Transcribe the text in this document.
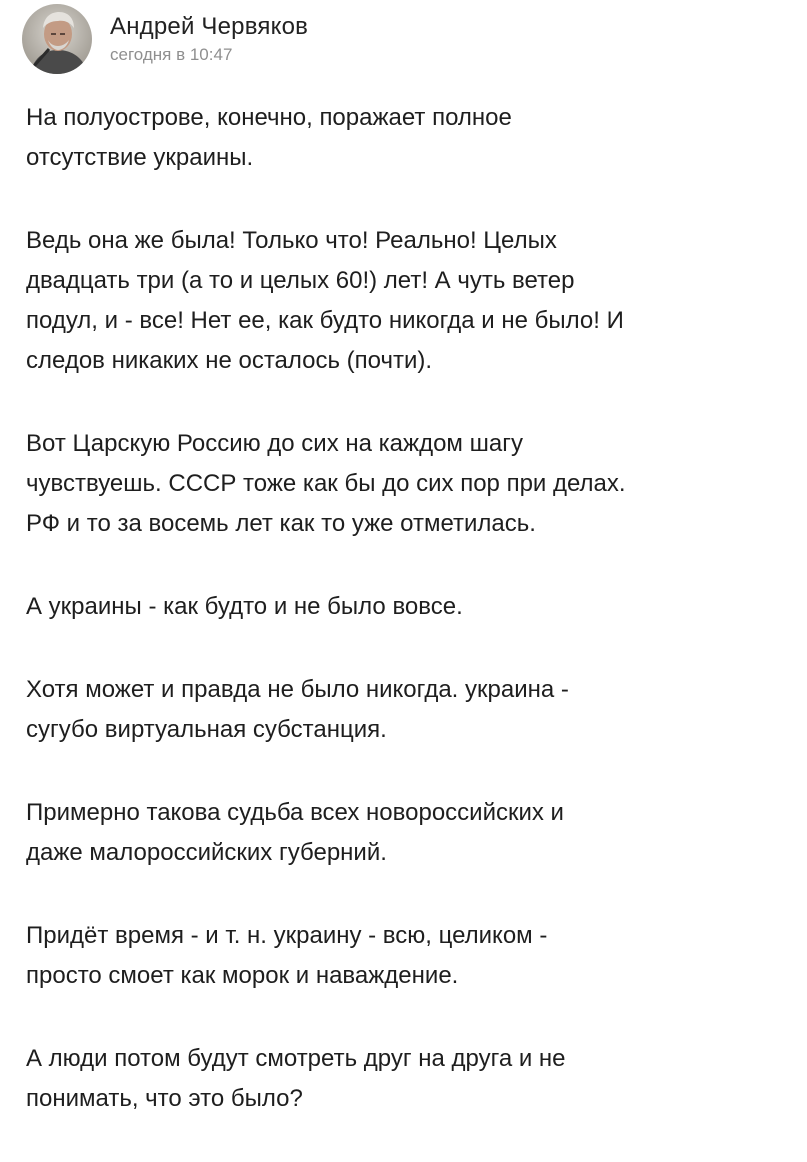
Андрей Червяков
сегодня в 10:47

На полуострове, конечно, поражает полное
отсутствие украины.

Ведь она же была! Только что! Реально! Целых
двадцать три (а то и целых 60!) лет! А чуть ветер
подул, и - все! Нет ее, как будто никогда и не было! И
следов никаких не осталось (почти).

Вот Царскую Россию до сих на каждом шагу
чувствуешь. СССР тоже как бы до сих пор при делах.
РФ и то за восемь лет как то уже отметилась.

А украины - как будто и не было вовсе.

Хотя может и правда не было никогда. украина -
сугубо виртуальная субстанция.

Примерно такова судьба всех новороссийских и
даже малороссийских губерний.

Придёт время - и т. н. украину - всю, целиком -
просто смоет как морок и наваждение.

А люди потом будут смотреть друг на друга и не
понимать, что это было?
